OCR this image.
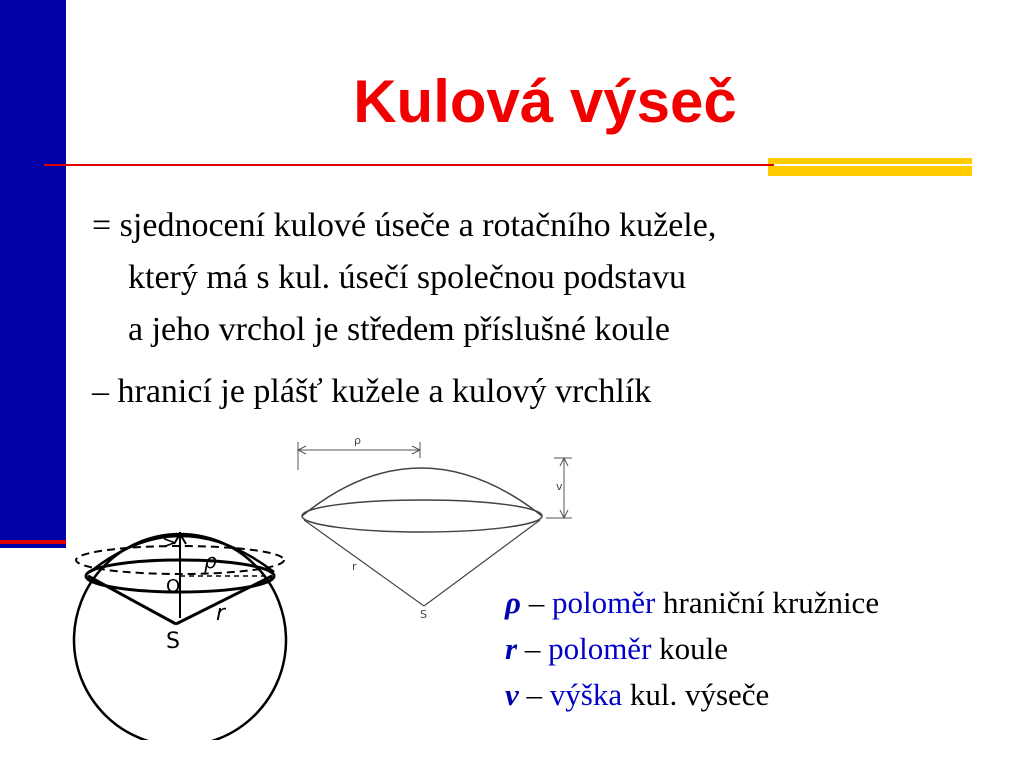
Kulová výseč
= sjednocení kulové úseče a rotačního kužele,
který má s kul. úsečí společnou podstavu
a jeho vrchol je středem příslušné koule
– hranicí je plášť kužele a kulový vrchlík
v
ρ
O
r
S
ρ
v
r
S	ρ – poloměr hraniční kružnice
r – poloměr koule
v – výška kul. výseče
